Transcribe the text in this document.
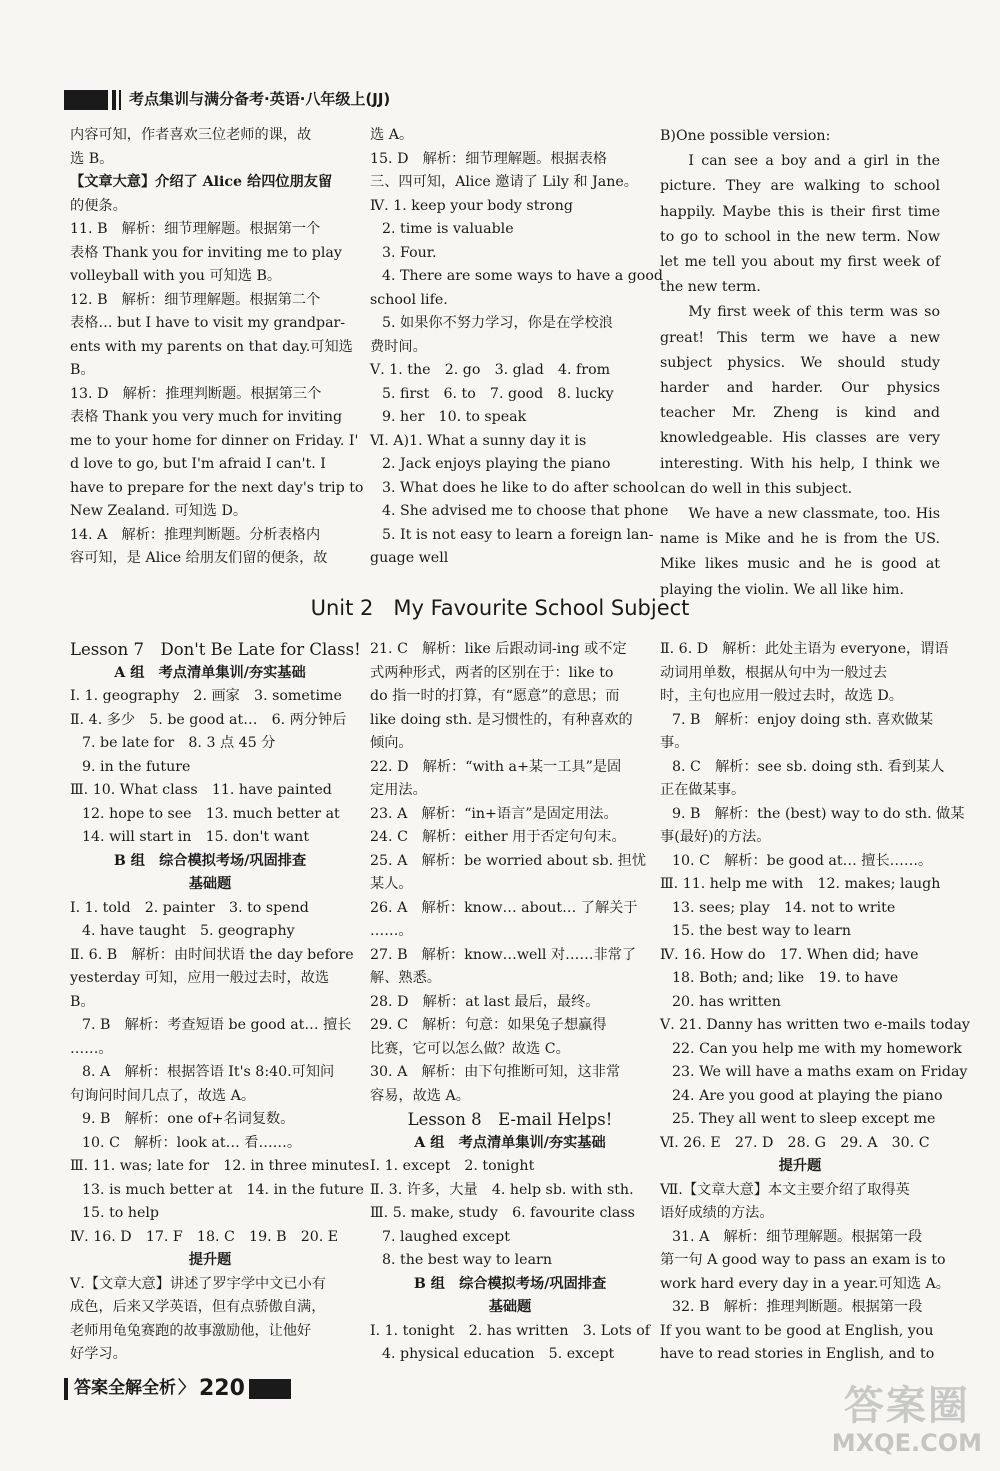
考点集训与满分备考·英语·八年级上(JJ)

内容可知，作者喜欢三位老师的课，故

选 B。

【文章大意】介绍了 Alice 给四位朋友留

的便条。

11. B　解析：细节理解题。根据第一个

表格 Thank you for inviting me to play

volleyball with you 可知选 B。

12. B　解析：细节理解题。根据第二个

表格… but I have to visit my grandpar-

ents with my parents on that day.可知选

B。

13. D　解析：推理判断题。根据第三个

表格 Thank you very much for inviting

me to your home for dinner on Friday. I'

d love to go, but I'm afraid I can't. I

have to prepare for the next day's trip to

New Zealand. 可知选 D。

14. A　解析：推理判断题。分析表格内

容可知，是 Alice 给朋友们留的便条，故

选 A。

15. D　解析：细节理解题。根据表格

三、四可知，Alice 邀请了 Lily 和 Jane。

Ⅳ. 1. keep your body strong

2. time is valuable

3. Four.

4. There are some ways to have a good

school life.

5. 如果你不努力学习，你是在学校浪

费时间。

Ⅴ. 1. the　2. go　3. glad　4. from

5. first　6. to　7. good　8. lucky

9. her　10. to speak

Ⅵ. A)1. What a sunny day it is

2. Jack enjoys playing the piano

3. What does he like to do after school

4. She advised me to choose that phone

5. It is not easy to learn a foreign lan-

guage well

B)One possible version:

I can see a boy and a girl in the picture. They are walking to school happily. Maybe this is their first time to go to school in the new term. Now let me tell you about my first week of the new term.

My first week of this term was so great! This term we have a new subject physics. We should study harder and harder. Our physics teacher Mr. Zheng is kind and knowledgeable. His classes are very interesting. With his help, I think we can do well in this subject.

We have a new classmate, too. His name is Mike and he is from the US. Mike likes music and he is good at playing the violin. We all like him.

Unit 2   My Favourite School Subject

Lesson 7　Don't Be Late for Class!

A 组　考点清单集训/夯实基础

Ⅰ. 1. geography　2. 画家　3. sometime

Ⅱ. 4. 多少　5. be good at…　6. 两分钟后

7. be late for　8. 3 点 45 分

9. in the future

Ⅲ. 10. What class　11. have painted

12. hope to see　13. much better at

14. will start in　15. don't want

B 组　综合模拟考场/巩固排查

基础题

Ⅰ. 1. told　2. painter　3. to spend

4. have taught　5. geography

Ⅱ. 6. B　解析：由时间状语 the day before

yesterday 可知，应用一般过去时，故选

B。

7. B　解析：考查短语 be good at… 擅长

……。

8. A　解析：根据答语 It's 8:40.可知问

句询问时间几点了，故选 A。

9. B　解析：one of+名词复数。

10. C　解析：look at… 看……。

Ⅲ. 11. was; late for　12. in three minutes

13. is much better at　14. in the future

15. to help

Ⅳ. 16. D　17. F　18. C　19. B　20. E

提升题

Ⅴ.【文章大意】讲述了罗宇学中文已小有

成色，后来又学英语，但有点骄傲自满，

老师用龟兔赛跑的故事激励他，让他好

好学习。

21. C　解析：like 后跟动词-ing 或不定

式两种形式，两者的区别在于：like to

do 指一时的打算，有“愿意”的意思；而

like doing sth. 是习惯性的，有种喜欢的

倾向。

22. D　解析：“with a+某一工具”是固

定用法。

23. A　解析：“in+语言”是固定用法。

24. C　解析：either 用于否定句句末。

25. A　解析：be worried about sb. 担忧

某人。

26. A　解析：know… about… 了解关于

……。

27. B　解析：know…well 对……非常了

解、熟悉。

28. D　解析：at last 最后，最终。

29. C　解析：句意：如果兔子想赢得

比赛，它可以怎么做？故选 C。

30. A　解析：由下句推断可知，这非常

容易，故选 A。

Lesson 8　E-mail Helps!

A 组　考点清单集训/夯实基础

Ⅰ. 1. except　2. tonight

Ⅱ. 3. 许多，大量　4. help sb. with sth.

Ⅲ. 5. make, study　6. favourite class

7. laughed except

8. the best way to learn

B 组　综合模拟考场/巩固排查

基础题

Ⅰ. 1. tonight　2. has written　3. Lots of

4. physical education　5. except

Ⅱ. 6. D　解析：此处主语为 everyone，谓语

动词用单数，根据从句中为一般过去

时，主句也应用一般过去时，故选 D。

7. B　解析：enjoy doing sth. 喜欢做某

事。

8. C　解析：see sb. doing sth. 看到某人

正在做某事。

9. B　解析：the (best) way to do sth. 做某

事(最好)的方法。

10. C　解析：be good at… 擅长……。

Ⅲ. 11. help me with　12. makes; laugh

13. sees; play　14. not to write

15. the best way to learn

Ⅳ. 16. How do　17. When did; have

18. Both; and; like　19. to have

20. has written

Ⅴ. 21. Danny has written two e-mails today

22. Can you help me with my homework

23. We will have a maths exam on Friday

24. Are you good at playing the piano

25. They all went to sleep except me

Ⅵ. 26. E　27. D　28. G　29. A　30. C

提升题

Ⅶ.【文章大意】本文主要介绍了取得英

语好成绩的方法。

31. A　解析：细节理解题。根据第一段

第一句 A good way to pass an exam is to

work hard every day in a year.可知选 A。

32. B　解析：推理判断题。根据第一段

If you want to be good at English, you

have to read stories in English, and to

答案全解全析 〉 220	答案圈
MXQE.COM
